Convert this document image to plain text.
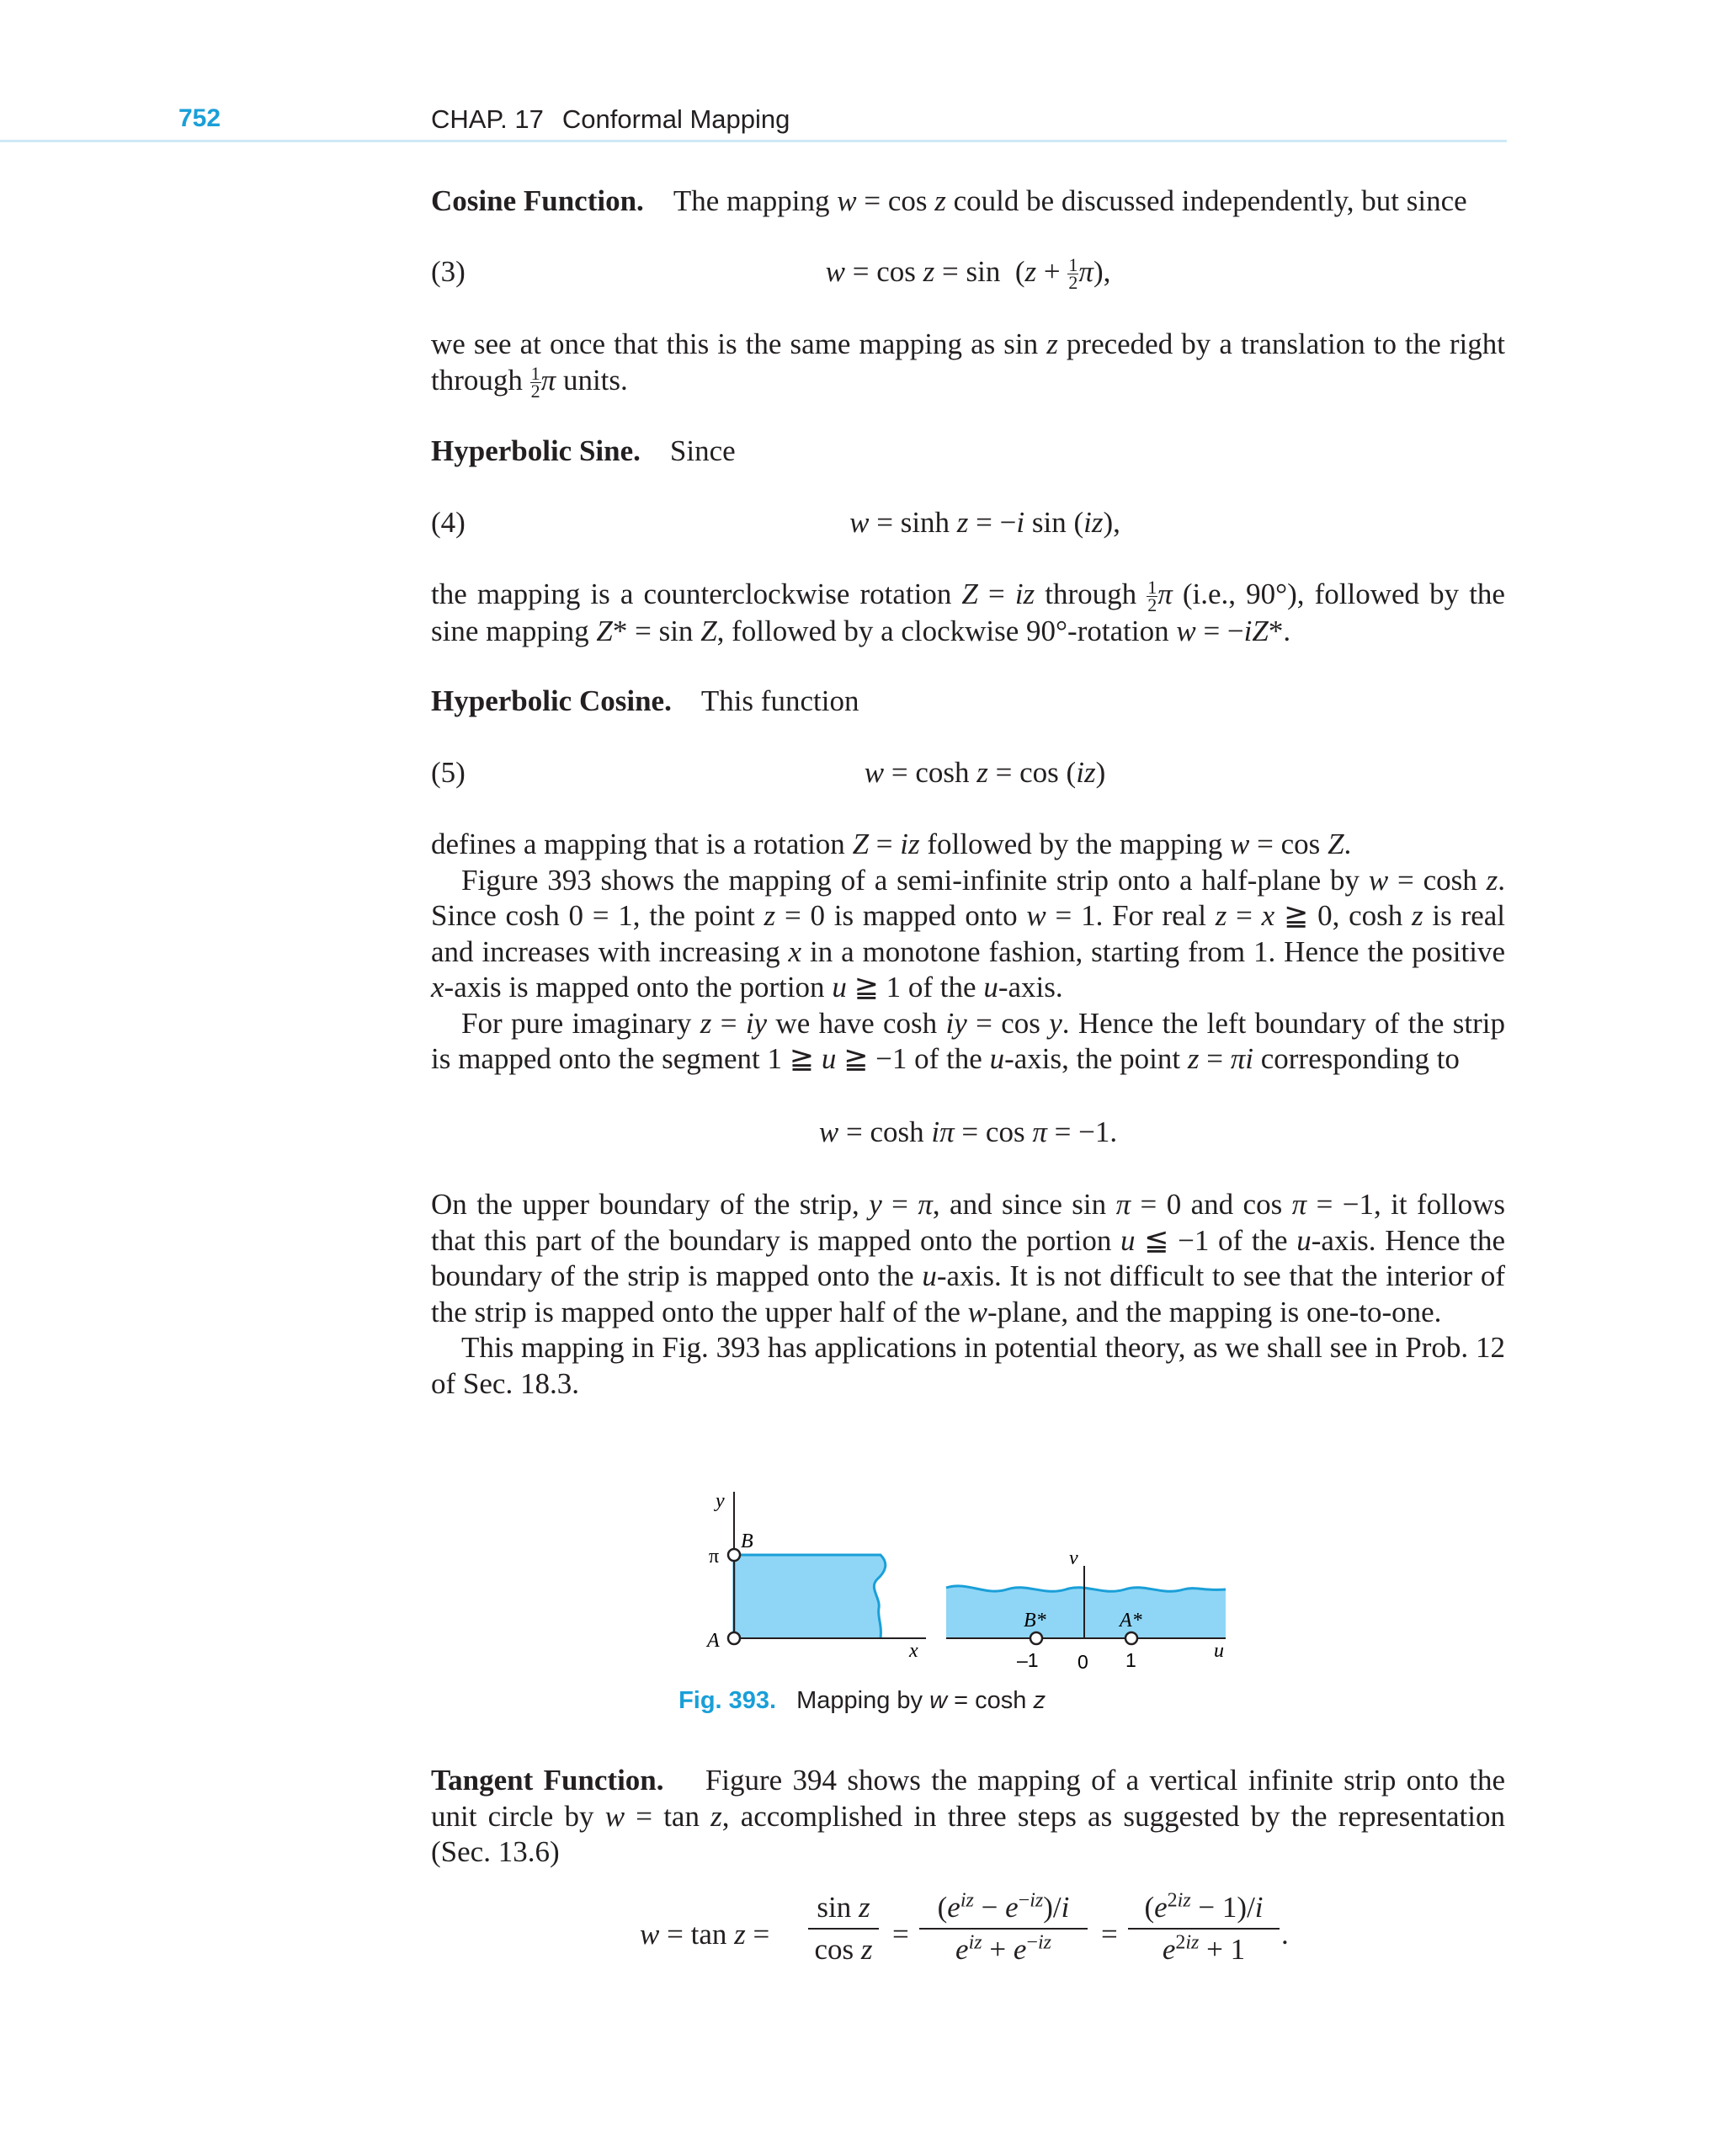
752	CHAP. 17 Conformal Mapping

Cosine Function.    The mapping w = cos z could be discussed independently, but since

(3)	$w = \cos z = \sin (z + \frac{1}{2} \pi)$,

we see at once that this is the same mapping as sin z preceded by a translation to the right through $\frac{1}{2}$ π units.

Hyperbolic Sine. Since

(4)	w = sinh z = −i sin (iz),

the mapping is a counterclockwise rotation Z = iz through $\frac{1}{2}$ π (i.e., 90°), followed by the sine mapping Z* = sin Z, followed by a clockwise 90°-rotation w = −iZ*.

Hyperbolic Cosine. This function

(5)	w = cosh z = cos (iz)

defines a mapping that is a rotation Z = iz followed by the mapping w = cos Z.

Figure 393 shows the mapping of a semi-infinite strip onto a half-plane by w = cosh z. Since cosh 0 = 1, the point z = 0 is mapped onto w = 1. For real z = x ≧ 0, cosh z is real and increases with increasing x in a monotone fashion, starting from 1. Hence the positive x-axis is mapped onto the portion u ≧ 1 of the u-axis.

For pure imaginary z = iy we have cosh iy = cos y. Hence the left boundary of the strip is mapped onto the segment 1 ≧ u ≧ −1 of the u-axis, the point z = πi corresponding to

w = cosh iπ = cos π = −1.

On the upper boundary of the strip, y = π, and since sin π = 0 and cos π = −1, it follows that this part of the boundary is mapped onto the portion u ≦ −1 of the u-axis. Hence the boundary of the strip is mapped onto the u-axis. It is not difficult to see that the interior of the strip is mapped onto the upper half of the w-plane, and the mapping is one-to-one.

This mapping in Fig. 393 has applications in potential theory, as we shall see in Prob. 12 of Sec. 18.3.

y
B
π
A	x
v
B*	A*
u
–1 0 1
Fig. 393. Mapping by w = cosh z

Tangent Function.    Figure 394 shows the mapping of a vertical infinite strip onto the unit circle by w = tan z, accomplished in three steps as suggested by the representation (Sec. 13.6)

w = tan z =
sin z
cos z =
$(e^{iz} - e^{-iz})/i$
$e^{iz} + e^{-iz}$	=
$(e^{2iz} - 1)/i$
$e^{2iz} + 1$	.
